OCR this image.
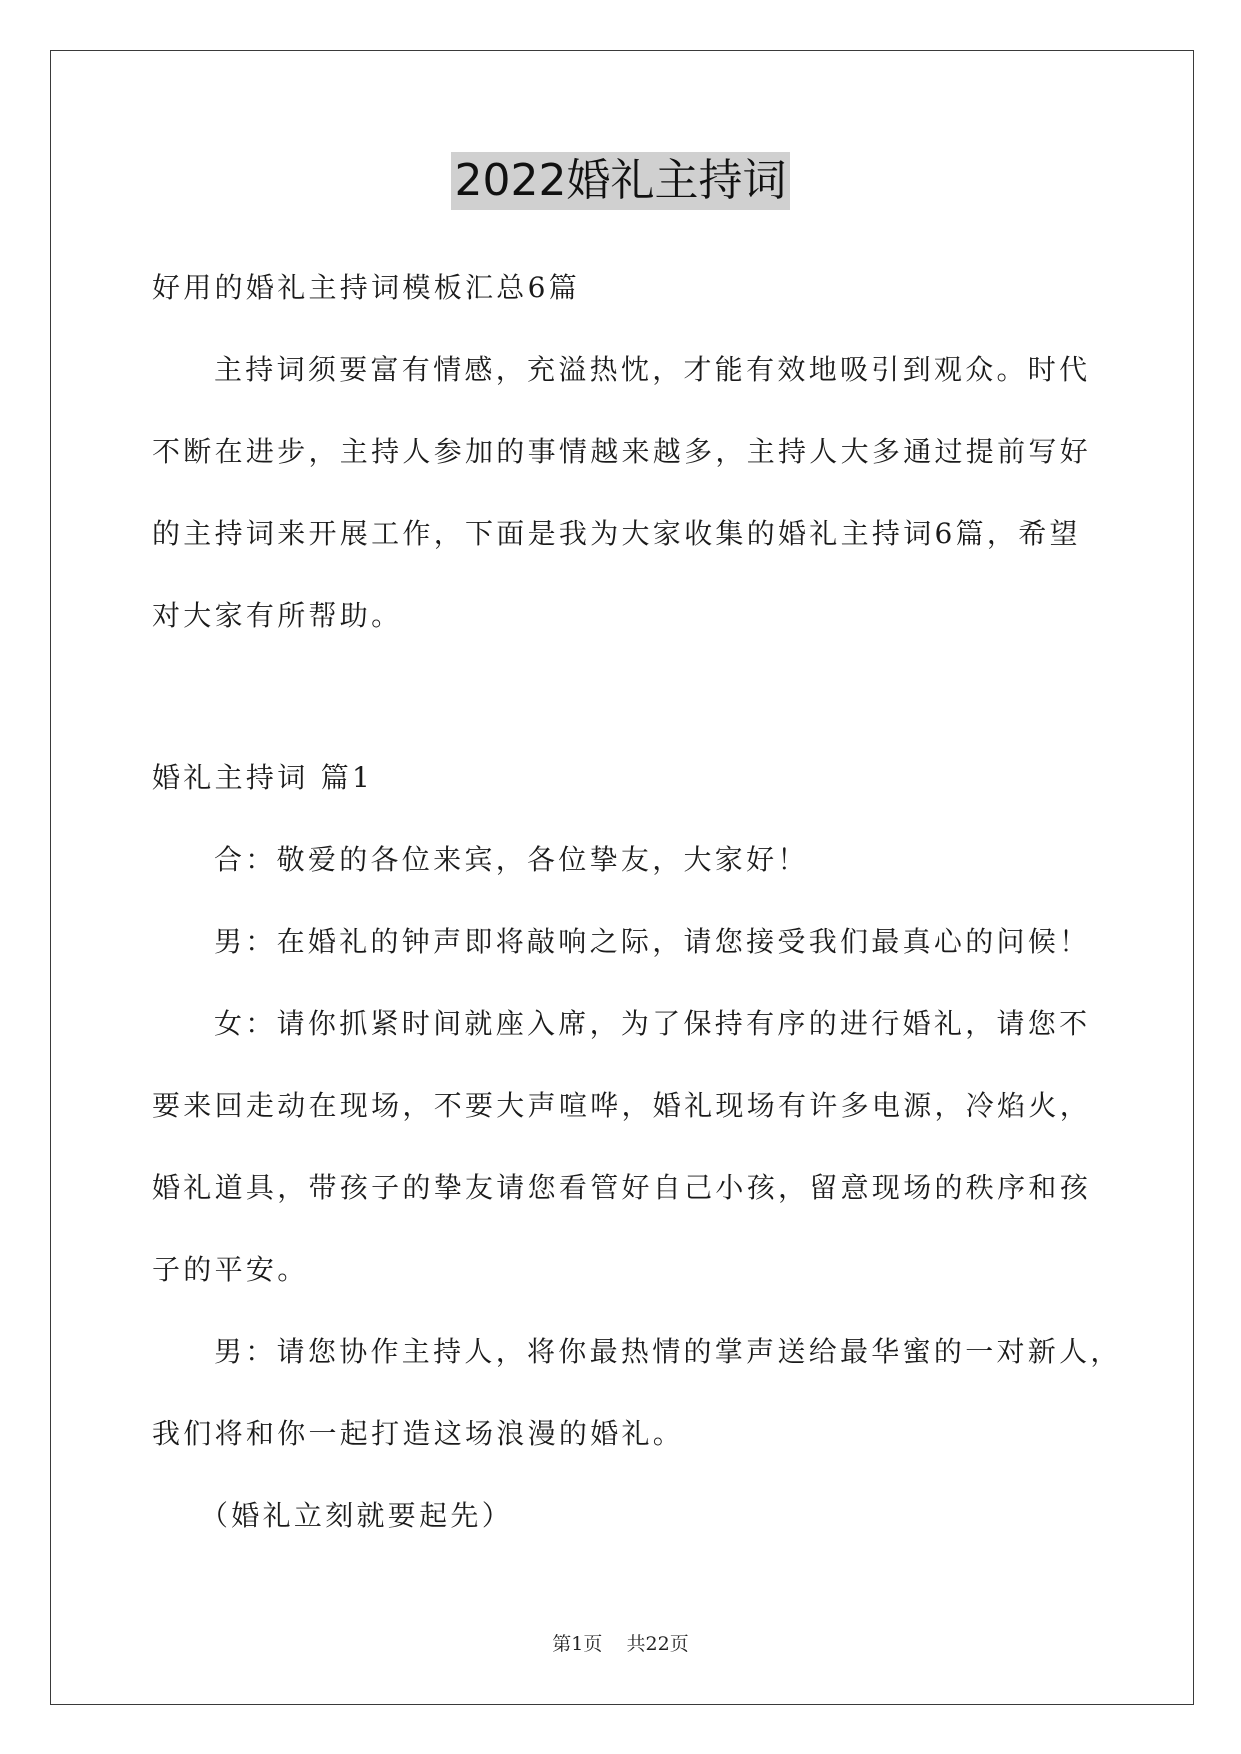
2022婚礼主持词
好用的婚礼主持词模板汇总6篇
主持词须要富有情感，充溢热忱，才能有效地吸引到观众。时代
不断在进步，主持人参加的事情越来越多，主持人大多通过提前写好
的主持词来开展工作，下面是我为大家收集的婚礼主持词6篇，希望
对大家有所帮助。
婚礼主持词 篇1
合：敬爱的各位来宾，各位挚友，大家好！
男：在婚礼的钟声即将敲响之际，请您接受我们最真心的问候！
女：请你抓紧时间就座入席，为了保持有序的进行婚礼，请您不
要来回走动在现场，不要大声喧哗，婚礼现场有许多电源，冷焰火，
婚礼道具，带孩子的挚友请您看管好自己小孩，留意现场的秩序和孩
子的平安。
男：请您协作主持人，将你最热情的掌声送给最华蜜的一对新人，
我们将和你一起打造这场浪漫的婚礼。
（婚礼立刻就要起先）
第1页    共22页
